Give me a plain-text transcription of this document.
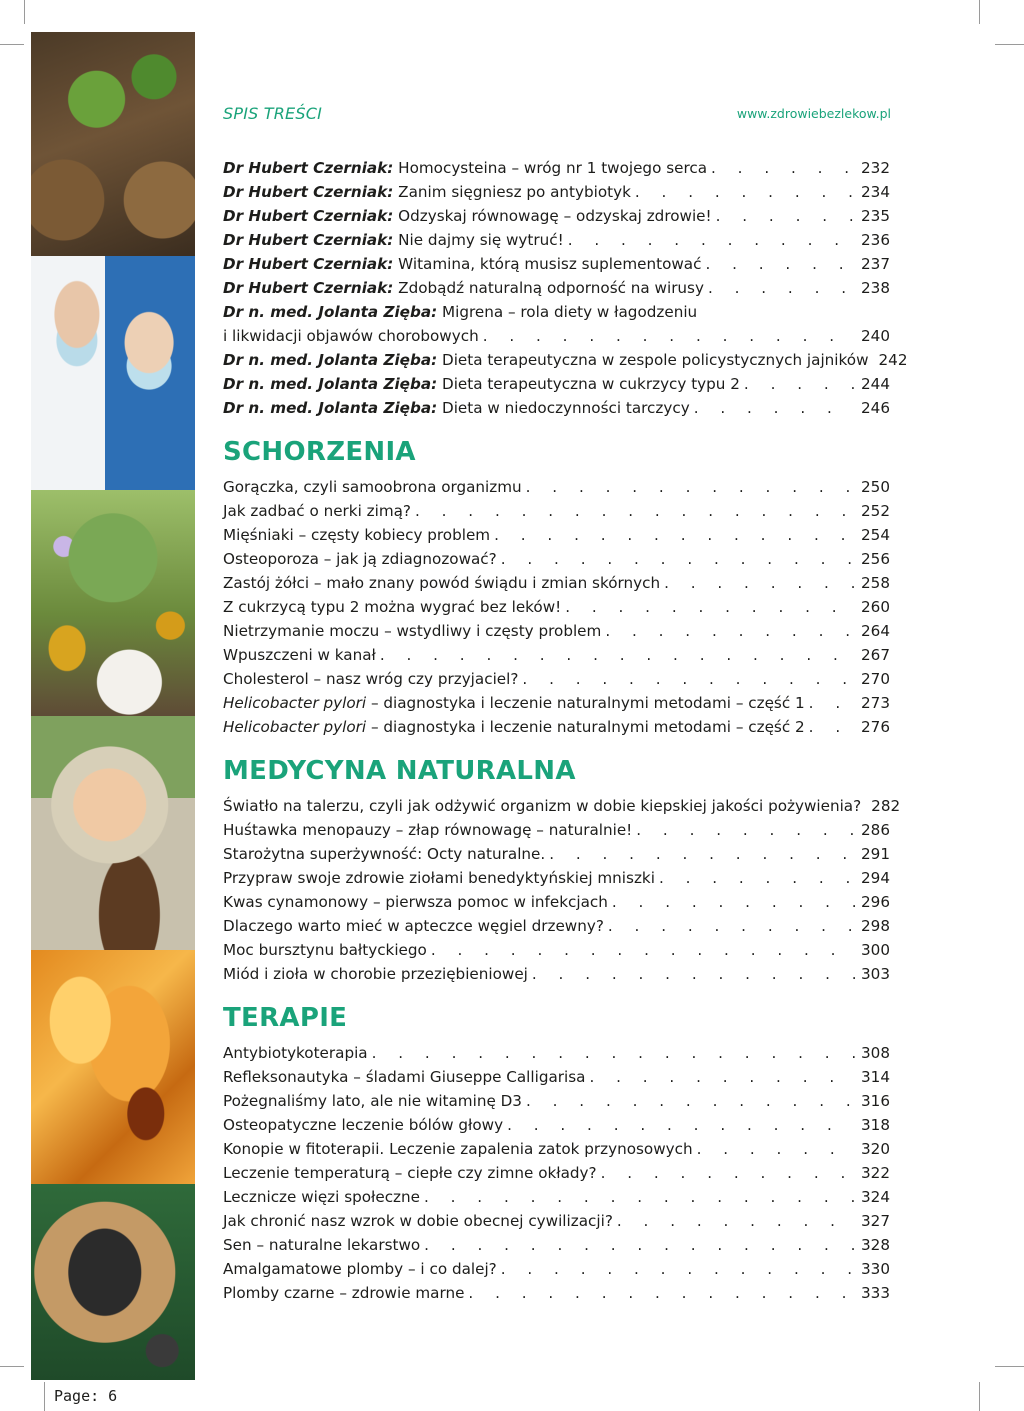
SPIS TREŚCI	www.zdrowiebezlekow.pl
Dr Hubert Czerniak: Homocysteina – wróg nr 1 twojego serca . . .	232
Dr Hubert Czerniak: Zanim sięgniesz po antybiotyk . . .	234
Dr Hubert Czerniak: Odzyskaj równowagę – odzyskaj zdrowie! . . .	235
Dr Hubert Czerniak: Nie dajmy się wytruć! . . .	236
Dr Hubert Czerniak: Witamina, którą musisz suplementować . . .	237
Dr Hubert Czerniak: Zdobądź naturalną odporność na wirusy . . .	238
Dr n. med. Jolanta Zięba: Migrena – rola diety w łagodzeniu
i likwidacji objawów chorobowych . . .	240
Dr n. med. Jolanta Zięba: Dieta terapeutyczna w zespole policystycznych jajników 242
Dr n. med. Jolanta Zięba: Dieta terapeutyczna w cukrzycy typu 2 . . .	244
Dr n. med. Jolanta Zięba: Dieta w niedoczynności tarczycy . . .	246
SCHORZENIA
Gorączka, czyli samoobrona organizmu . . .	250
Jak zadbać o nerki zimą? . . .	252
Mięśniaki – częsty kobiecy problem . . .	254
Osteoporoza – jak ją zdiagnozować? . . .	256
Zastój żółci – mało znany powód świądu i zmian skórnych . . .	258
Z cukrzycą typu 2 można wygrać bez leków! . . .	260
Nietrzymanie moczu – wstydliwy i częsty problem . . .	264
Wpuszczeni w kanał . . .	267
Cholesterol – nasz wróg czy przyjaciel? . . .	270
Helicobacter pylori – diagnostyka i leczenie naturalnymi metodami – część 1 . . .	273
Helicobacter pylori – diagnostyka i leczenie naturalnymi metodami – część 2 . . .	276
MEDYCYNA NATURALNA
Światło na talerzu, czyli jak odżywić organizm w dobie kiepskiej jakości pożywienia? 282
Huśtawka menopauzy – złap równowagę – naturalnie! . . .	286
Starożytna superżywność: Octy naturalne. . . .	291
Przypraw swoje zdrowie ziołami benedyktyńskiej mniszki . . .	294
Kwas cynamonowy – pierwsza pomoc w infekcjach . . .	296
Dlaczego warto mieć w apteczce węgiel drzewny? . . .	298
Moc bursztynu bałtyckiego . . .	300
Miód i zioła w chorobie przeziębieniowej . . .	303
TERAPIE
Antybiotykoterapia . . .	308
Refleksonautyka – śladami Giuseppe Calligarisa . . .	314
Pożegnaliśmy lato, ale nie witaminę D3 . . .	316
Osteopatyczne leczenie bólów głowy . . .	318
Konopie w fitoterapii. Leczenie zapalenia zatok przynosowych . . .	320
Leczenie temperaturą – ciepłe czy zimne okłady? . . .	322
Lecznicze więzi społeczne . . .	324
Jak chronić nasz wzrok w dobie obecnej cywilizacji? . . .	327
Sen – naturalne lekarstwo . . .	328
Amalgamatowe plomby – i co dalej? . . .	330
Plomby czarne – zdrowie marne . . .	333
Page: 6
